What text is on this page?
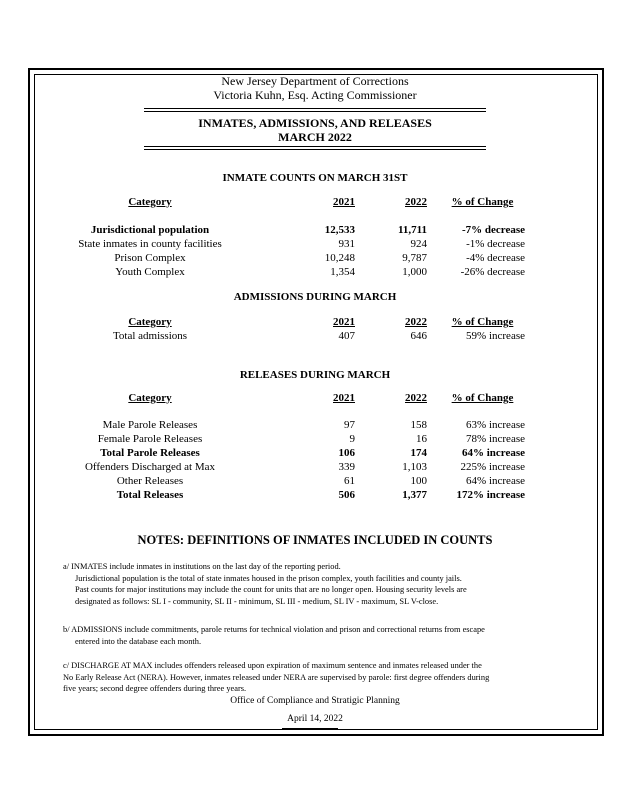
New Jersey Department of Corrections
Victoria Kuhn, Esq. Acting Commissioner
INMATES, ADMISSIONS, AND RELEASES
MARCH 2022
INMATE COUNTS ON MARCH 31ST
Category	2021	2022	% of Change
Jurisdictional population	12,533	11,711	-7% decrease
State inmates in county facilities	931	924	-1% decrease
Prison Complex	10,248	9,787	-4% decrease
Youth Complex	1,354	1,000	-26% decrease
ADMISSIONS DURING MARCH
Category	2021	2022	% of Change
Total admissions	407	646	59% increase
RELEASES DURING MARCH
Category	2021	2022	% of Change
Male Parole Releases	97	158	63% increase
Female Parole Releases	9	16	78% increase
Total Parole Releases	106	174	64% increase
Offenders Discharged at Max	339	1,103	225% increase
Other Releases	61	100	64% increase
Total Releases	506	1,377	172% increase
NOTES: DEFINITIONS OF INMATES INCLUDED IN COUNTS
a/ INMATES include inmates in institutions on the last day of the reporting period.
Jurisdictional population is the total of state inmates housed in the prison complex, youth facilities and county jails.
Past counts for major institutions may include the count for units that are no longer open. Housing security levels are
designated as follows: SL I - community, SL II - minimum, SL III - medium, SL IV - maximum, SL V-close.
b/ ADMISSIONS include commitments, parole returns for technical violation and prison and correctional returns from escape
entered into the database each month.
c/ DISCHARGE AT MAX includes offenders released upon expiration of maximum sentence and inmates released under the
No Early Release Act (NERA). However, inmates released under NERA are supervised by parole: first degree offenders during
five years; second degree offenders during three years.
Office of Compliance and Stratigic Planning
April 14, 2022
